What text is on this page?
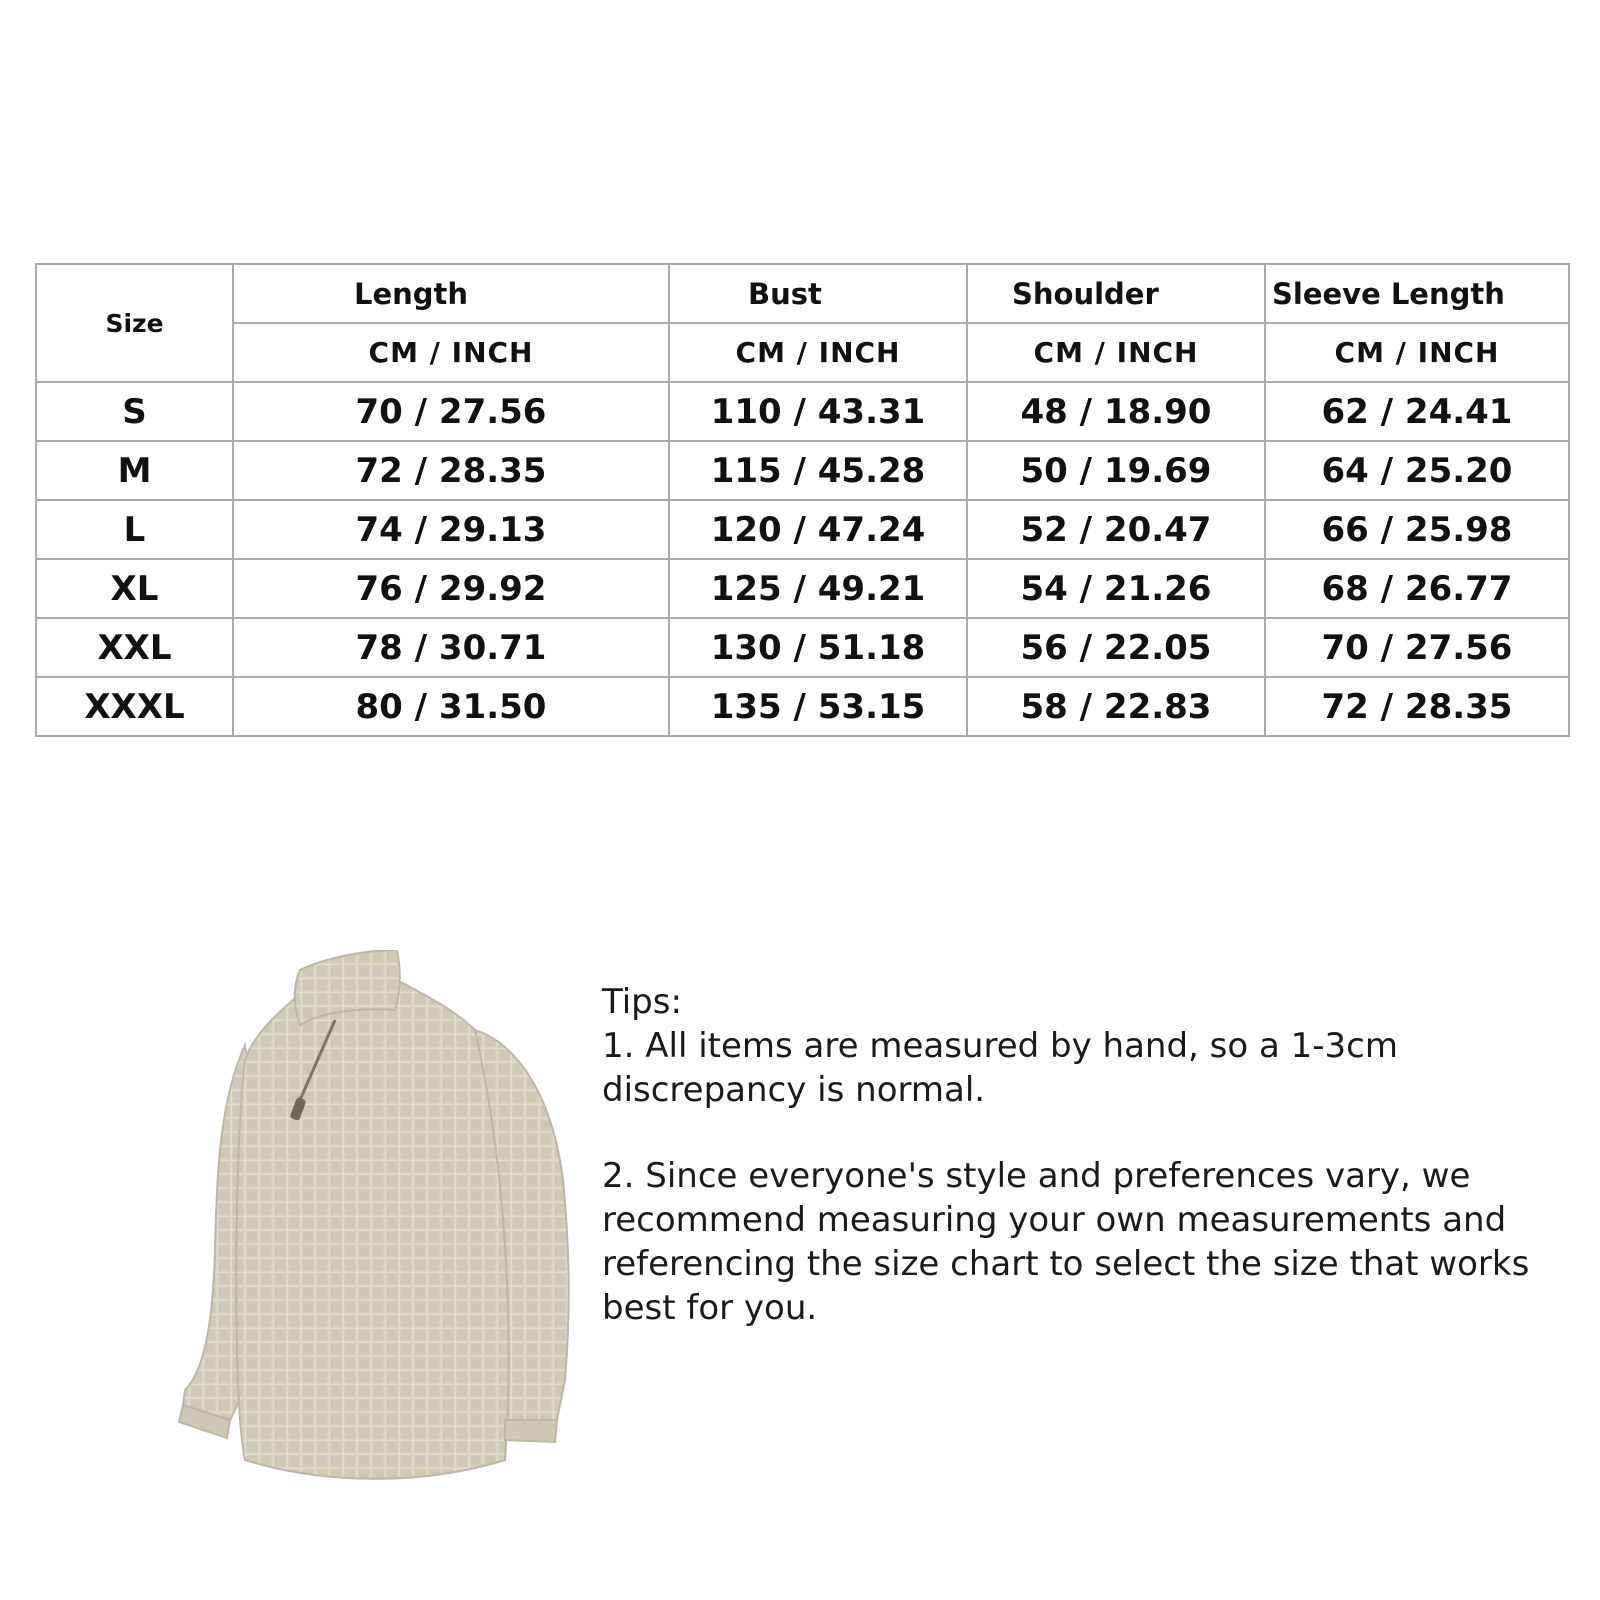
Size	Length	Bust	Shoulder	Sleeve Length
	CM / INCH	CM / INCH	CM / INCH	CM / INCH
S	70 / 27.56	110 / 43.31	48 / 18.90	62 / 24.41
M	72 / 28.35	115 / 45.28	50 / 19.69	64 / 25.20
L	74 / 29.13	120 / 47.24	52 / 20.47	66 / 25.98
XL	76 / 29.92	125 / 49.21	54 / 21.26	68 / 26.77
XXL	78 / 30.71	130 / 51.18	56 / 22.05	70 / 27.56
XXXL	80 / 31.50	135 / 53.15	58 / 22.83	72 / 28.35

Tips:

1. All items are measured by hand, so a 1-3cm discrepancy is normal.

2. Since everyone's style and preferences vary, we recommend measuring your own measurements and referencing the size chart to select the size that works best for you.
